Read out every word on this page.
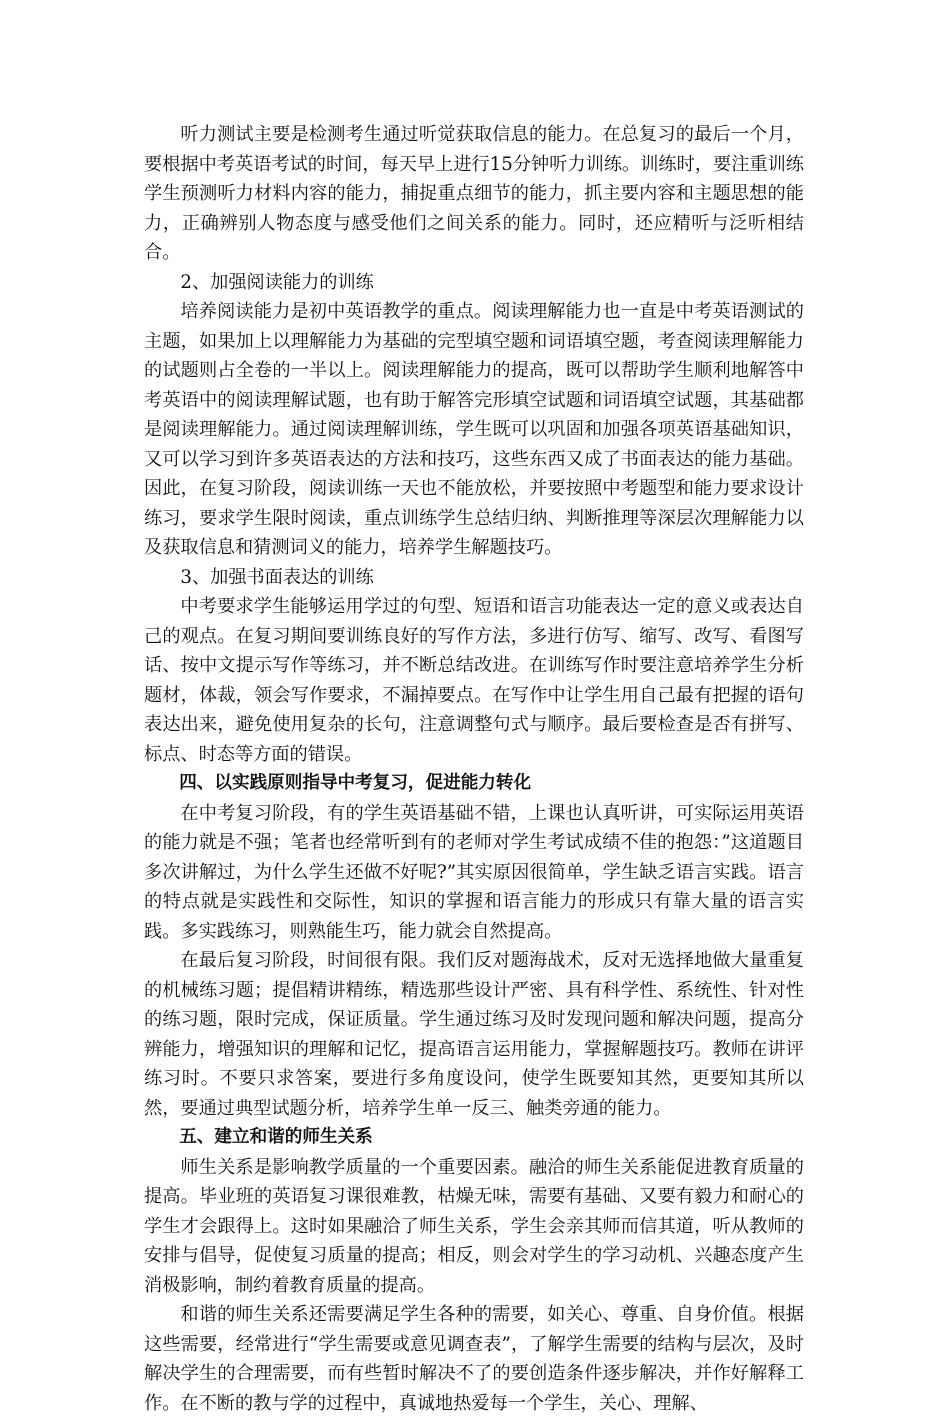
听力测试主要是检测考生通过听觉获取信息的能力。在总复习的最后一个月，要根据中考英语考试的时间，每天早上进行15分钟听力训练。训练时，要注重训练学生预测听力材料内容的能力，捕捉重点细节的能力，抓主要内容和主题思想的能力，正确辨别人物态度与感受他们之间关系的能力。同时，还应精听与泛听相结合。

2、加强阅读能力的训练

培养阅读能力是初中英语教学的重点。阅读理解能力也一直是中考英语测试的主题，如果加上以理解能力为基础的完型填空题和词语填空题，考查阅读理解能力的试题则占全卷的一半以上。阅读理解能力的提高，既可以帮助学生顺利地解答中考英语中的阅读理解试题，也有助于解答完形填空试题和词语填空试题，其基础都是阅读理解能力。通过阅读理解训练，学生既可以巩固和加强各项英语基础知识，又可以学习到许多英语表达的方法和技巧，这些东西又成了书面表达的能力基础。因此，在复习阶段，阅读训练一天也不能放松，并要按照中考题型和能力要求设计练习，要求学生限时阅读，重点训练学生总结归纳、判断推理等深层次理解能力以及获取信息和猜测词义的能力，培养学生解题技巧。

3、加强书面表达的训练

中考要求学生能够运用学过的句型、短语和语言功能表达一定的意义或表达自己的观点。在复习期间要训练良好的写作方法，多进行仿写、缩写、改写、看图写话、按中文提示写作等练习，并不断总结改进。在训练写作时要注意培养学生分析题材，体裁，领会写作要求，不漏掉要点。在写作中让学生用自己最有把握的语句表达出来，避免使用复杂的长句，注意调整句式与顺序。最后要检查是否有拼写、标点、时态等方面的错误。

四、以实践原则指导中考复习，促进能力转化

在中考复习阶段，有的学生英语基础不错，上课也认真听讲，可实际运用英语的能力就是不强；笔者也经常听到有的老师对学生考试成绩不佳的抱怨：”这道题目多次讲解过，为什么学生还做不好呢?”其实原因很简单，学生缺乏语言实践。语言的特点就是实践性和交际性，知识的掌握和语言能力的形成只有靠大量的语言实践。多实践练习，则熟能生巧，能力就会自然提高。

在最后复习阶段，时间很有限。我们反对题海战术，反对无选择地做大量重复的机械练习题；提倡精讲精练，精选那些设计严密、具有科学性、系统性、针对性的练习题，限时完成，保证质量。学生通过练习及时发现问题和解决问题，提高分辨能力，增强知识的理解和记忆，提高语言运用能力，掌握解题技巧。教师在讲评练习时。不要只求答案，要进行多角度设问，使学生既要知其然，更要知其所以然，要通过典型试题分析，培养学生单一反三、触类旁通的能力。

五、建立和谐的师生关系

师生关系是影响教学质量的一个重要因素。融洽的师生关系能促进教育质量的提高。毕业班的英语复习课很难教，枯燥无味，需要有基础、又要有毅力和耐心的学生才会跟得上。这时如果融洽了师生关系，学生会亲其师而信其道，听从教师的安排与倡导，促使复习质量的提高；相反，则会对学生的学习动机、兴趣态度产生消极影响，制约着教育质量的提高。

和谐的师生关系还需要满足学生各种的需要，如关心、尊重、自身价值。根据这些需要，经常进行“学生需要或意见调查表”，了解学生需要的结构与层次，及时解决学生的合理需要，而有些暂时解决不了的要创造条件逐步解决，并作好解释工作。在不断的教与学的过程中，真诚地热爱每一个学生，关心、理解、
